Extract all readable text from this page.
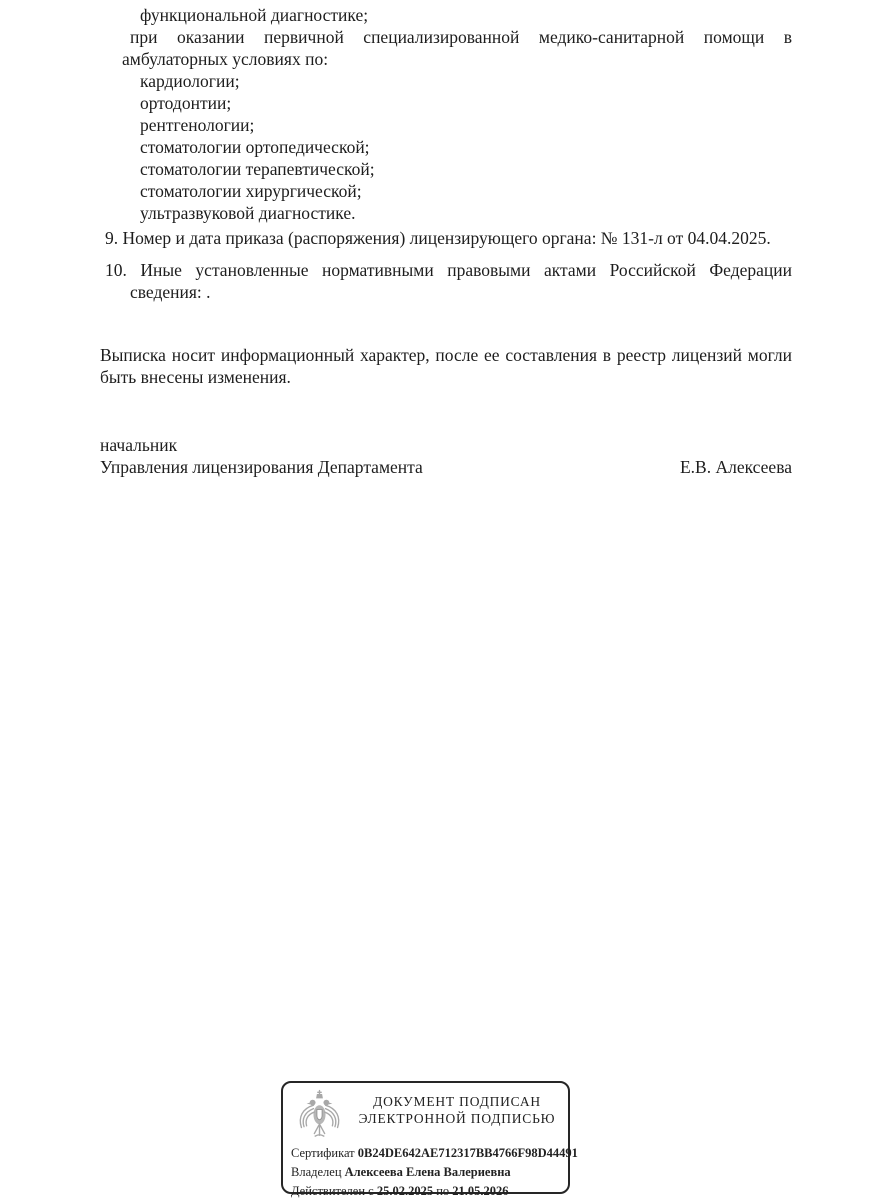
функциональной диагностике;
при оказании первичной специализированной медико-санитарной помощи в
амбулаторных условиях по:
кардиологии;
ортодонтии;
рентгенологии;
стоматологии ортопедической;
стоматологии терапевтической;
стоматологии хирургической;
ультразвуковой диагностике.
9. Номер и дата приказа (распоряжения) лицензирующего органа: № 131-л от 04.04.2025.
10. Иные установленные нормативными правовыми актами Российской Федерации
сведения: .
Выписка носит информационный характер, после ее составления в реестр лицензий могли
быть внесены изменения.
начальник
Управления лицензирования Департамента	Е.В. Алексеева
ДОКУМЕНТ ПОДПИСАН
ЭЛЕКТРОННОЙ ПОДПИСЬЮ
Сертификат 0B24DE642AE712317BB4766F98D44491
Владелец Алексеева Елена Валериевна
Действителен с 25.02.2025 по 21.05.2026
